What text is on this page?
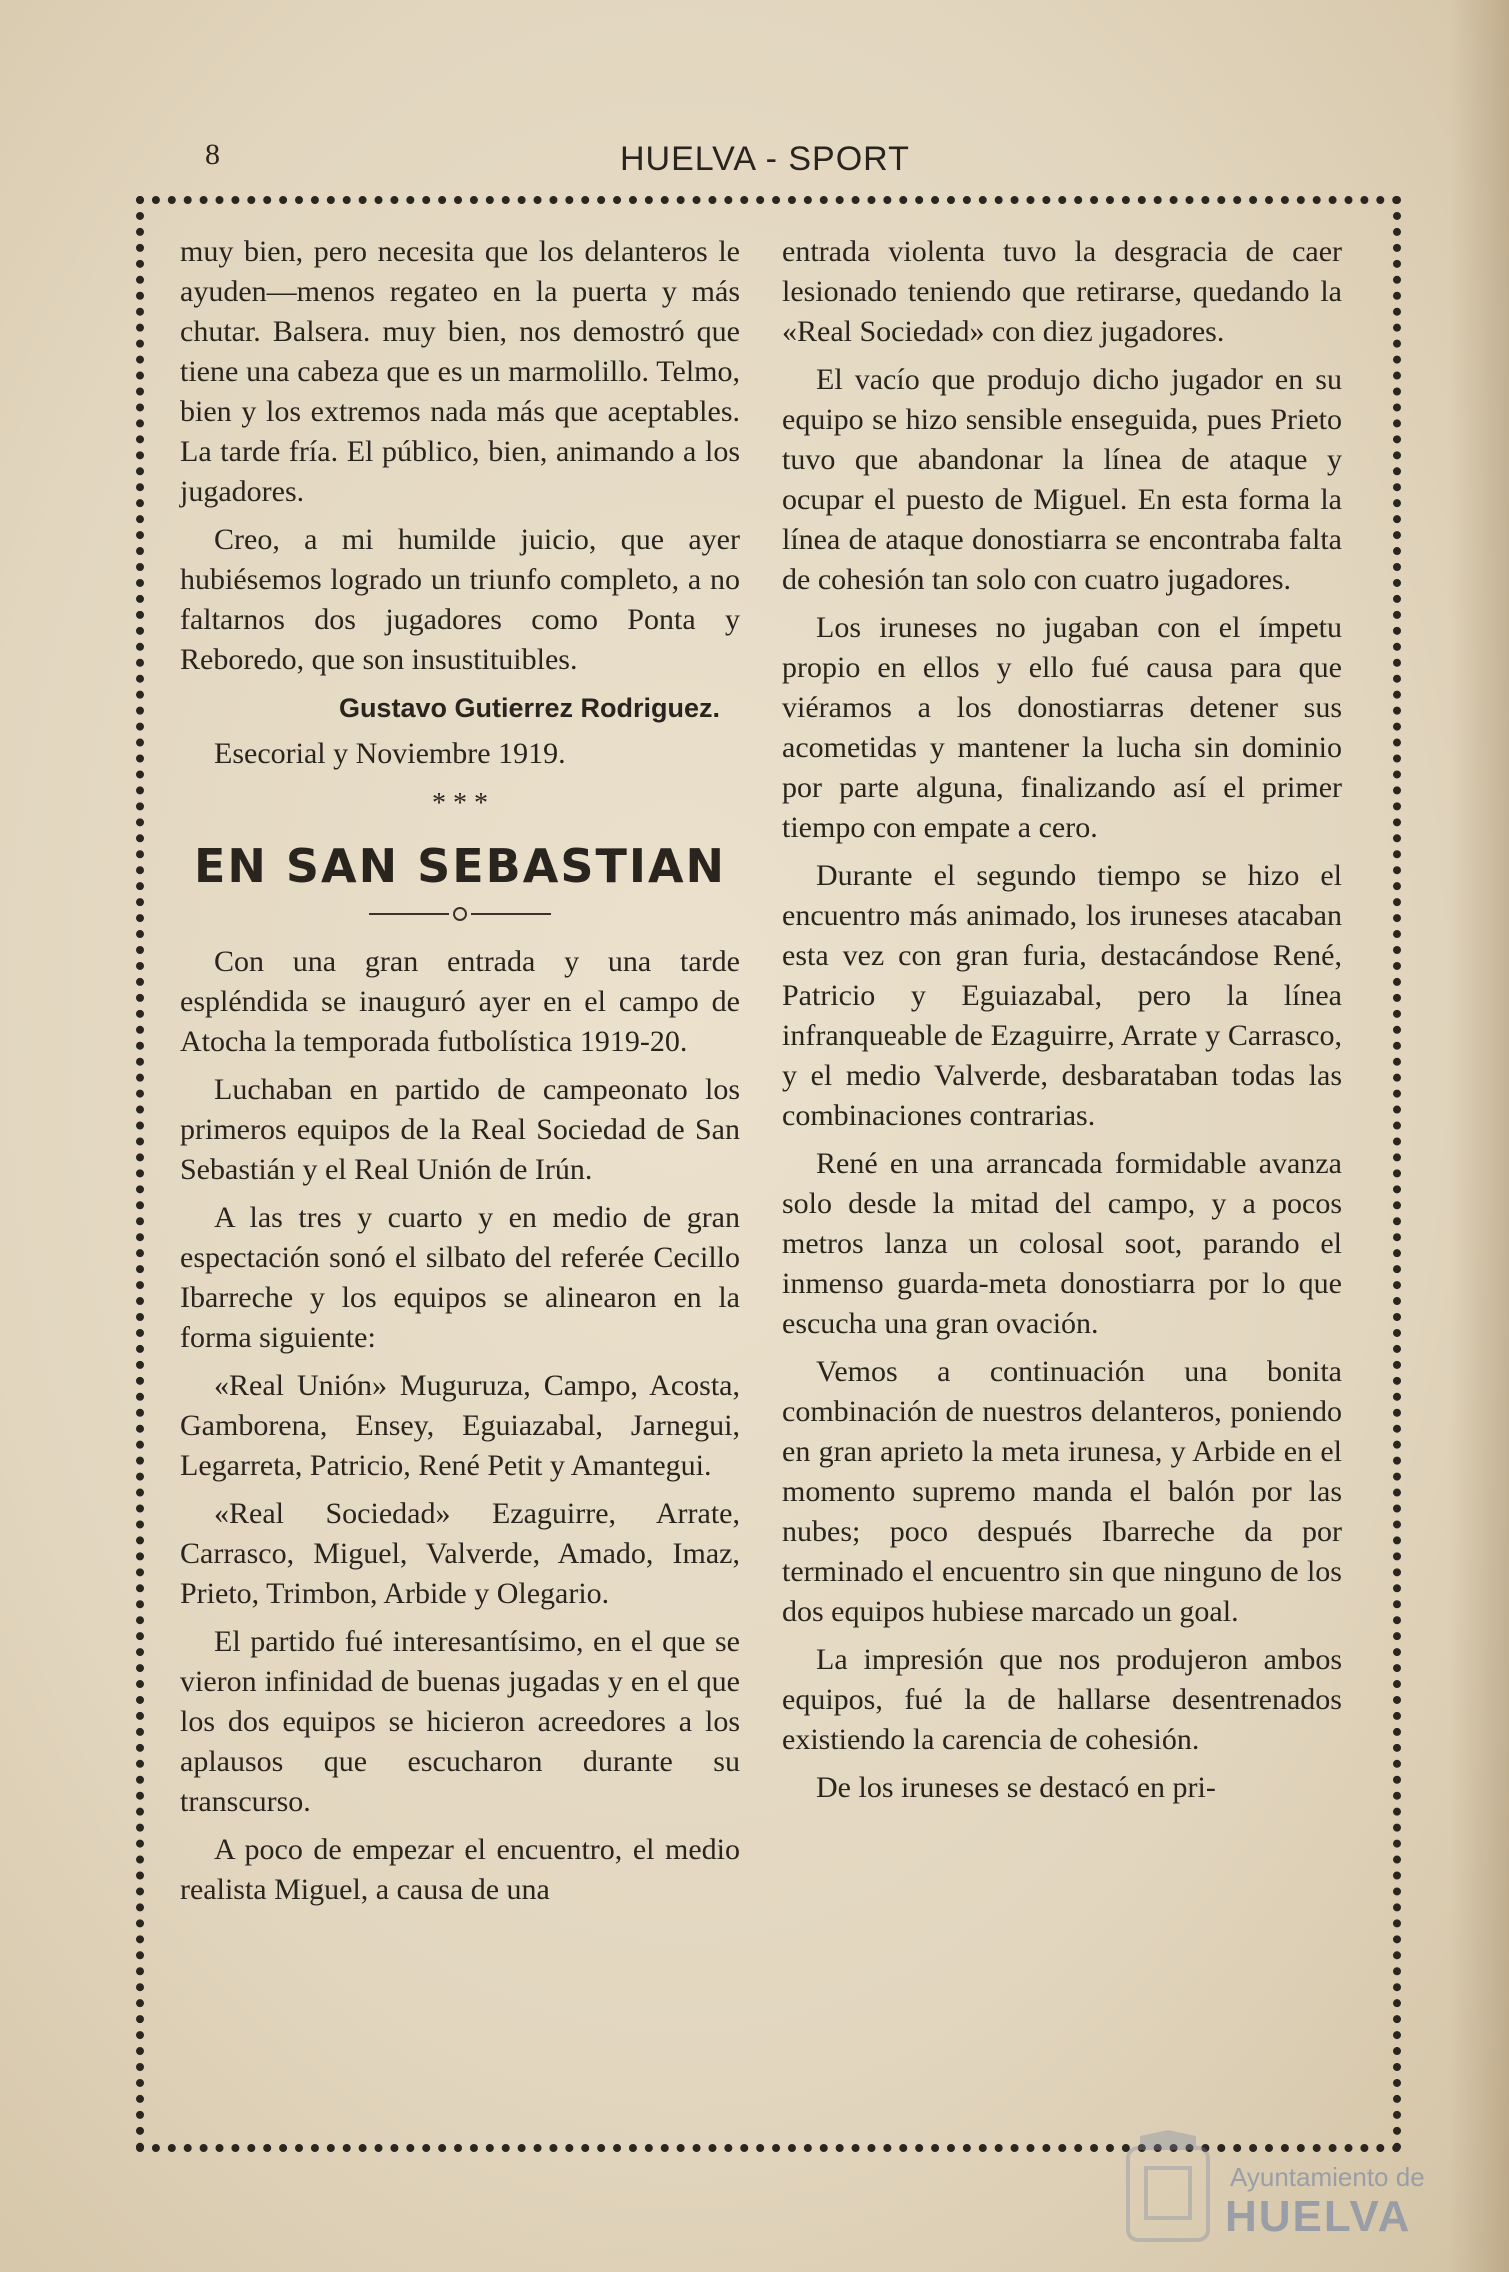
8	HUELVA - SPORT

muy bien, pero necesita que los delanteros le ayuden—menos regateo en la puerta y más chutar. Balsera. muy bien, nos demostró que tiene una cabeza que es un marmolillo. Telmo, bien y los extremos nada más que aceptables. La tarde fría. El público, bien, animando a los jugadores.

Creo, a mi humilde juicio, que ayer hubiésemos logrado un triunfo completo, a no faltarnos dos jugadores como Ponta y Reboredo, que son insustituibles.

Gustavo Gutierrez Rodriguez.
Esecorial y Noviembre 1919.
* * *
EN SAN SEBASTIAN

Con una gran entrada y una tarde espléndida se inauguró ayer en el campo de Atocha la temporada futbolística 1919-20.

Luchaban en partido de campeonato los primeros equipos de la Real Sociedad de San Sebastián y el Real Unión de Irún.

A las tres y cuarto y en medio de gran espectación sonó el silbato del referée Cecillo Ibarreche y los equipos se alinearon en la forma siguiente:

«Real Unión» Muguruza, Campo, Acosta, Gamborena, Ensey, Eguiazabal, Jarnegui, Legarreta, Patricio, René Petit y Amantegui.

«Real Sociedad» Ezaguirre, Arrate, Carrasco, Miguel, Valverde, Amado, Imaz, Prieto, Trimbon, Arbide y Olegario.

El partido fué interesantísimo, en el que se vieron infinidad de buenas jugadas y en el que los dos equipos se hicieron acreedores a los aplausos que escucharon durante su transcurso.

A poco de empezar el encuentro, el medio realista Miguel, a causa de una

entrada violenta tuvo la desgracia de caer lesionado teniendo que retirarse, quedando la «Real Sociedad» con diez jugadores.

El vacío que produjo dicho jugador en su equipo se hizo sensible enseguida, pues Prieto tuvo que abandonar la línea de ataque y ocupar el puesto de Miguel. En esta forma la línea de ataque donostiarra se encontraba falta de cohesión tan solo con cuatro jugadores.

Los iruneses no jugaban con el ímpetu propio en ellos y ello fué causa para que viéramos a los donostiarras detener sus acometidas y mantener la lucha sin dominio por parte alguna, finalizando así el primer tiempo con empate a cero.

Durante el segundo tiempo se hizo el encuentro más animado, los iruneses atacaban esta vez con gran furia, destacándose René, Patricio y Eguiazabal, pero la línea infranqueable de Ezaguirre, Arrate y Carrasco, y el medio Valverde, desbarataban todas las combinaciones contrarias.

René en una arrancada formidable avanza solo desde la mitad del campo, y a pocos metros lanza un colosal soot, parando el inmenso guarda-meta donostiarra por lo que escucha una gran ovación.

Vemos a continuación una bonita combinación de nuestros delanteros, poniendo en gran aprieto la meta irunesa, y Arbide en el momento supremo manda el balón por las nubes; poco después Ibarreche da por terminado el encuentro sin que ninguno de los dos equipos hubiese marcado un goal.

La impresión que nos produjeron ambos equipos, fué la de hallarse desentrenados existiendo la carencia de cohesión.

De los iruneses se destacó en pri-

Ayuntamiento de
HUELVA
